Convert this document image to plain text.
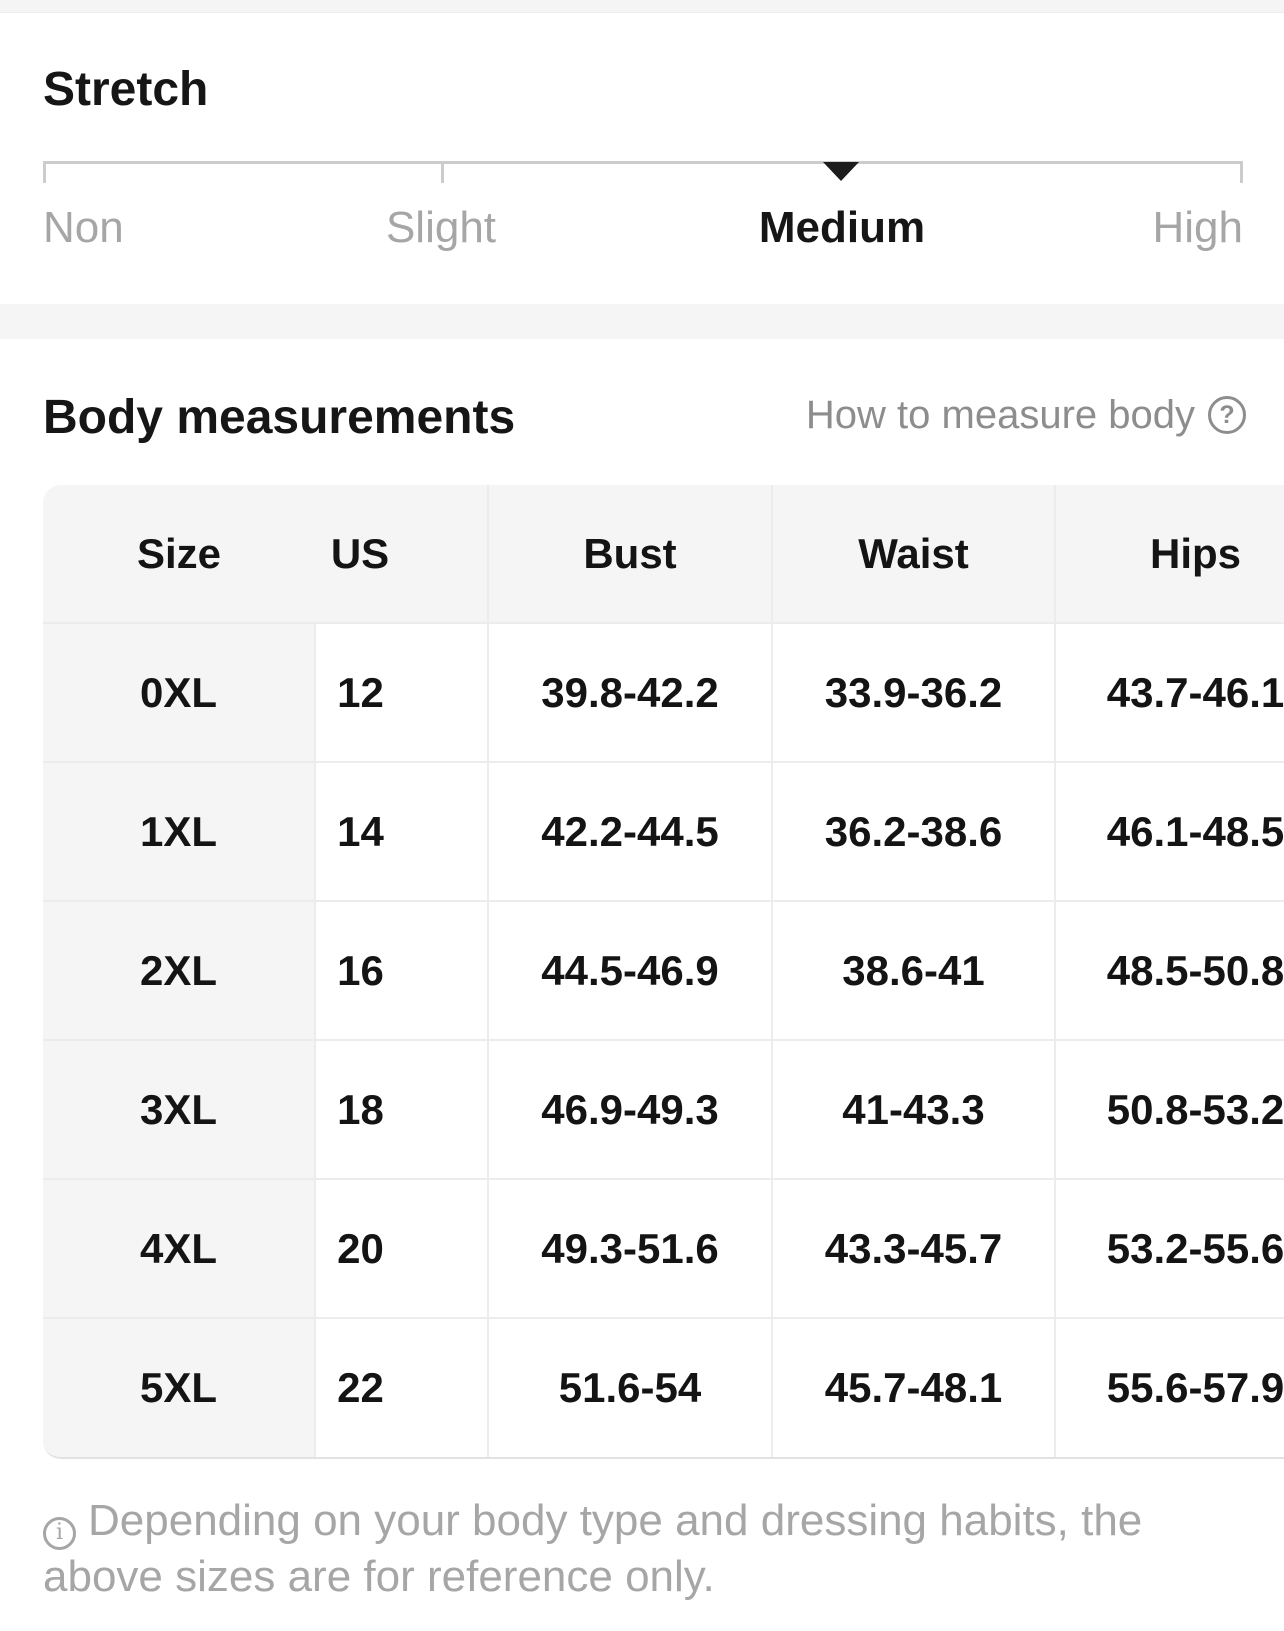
Stretch
Non	Slight	Medium	High
Body measurements	How to measure body ?
Size	US	Bust	Waist	Hips
0XL	12	39.8-42.2	33.9-36.2	43.7-46.1
1XL	14	42.2-44.5	36.2-38.6	46.1-48.5
2XL	16	44.5-46.9	38.6-41	48.5-50.8
3XL	18	46.9-49.3	41-43.3	50.8-53.2
4XL	20	49.3-51.6	43.3-45.7	53.2-55.6
5XL	22	51.6-54	45.7-48.1	55.6-57.9
i Depending on your body type and dressing habits, the
above sizes are for reference only.
